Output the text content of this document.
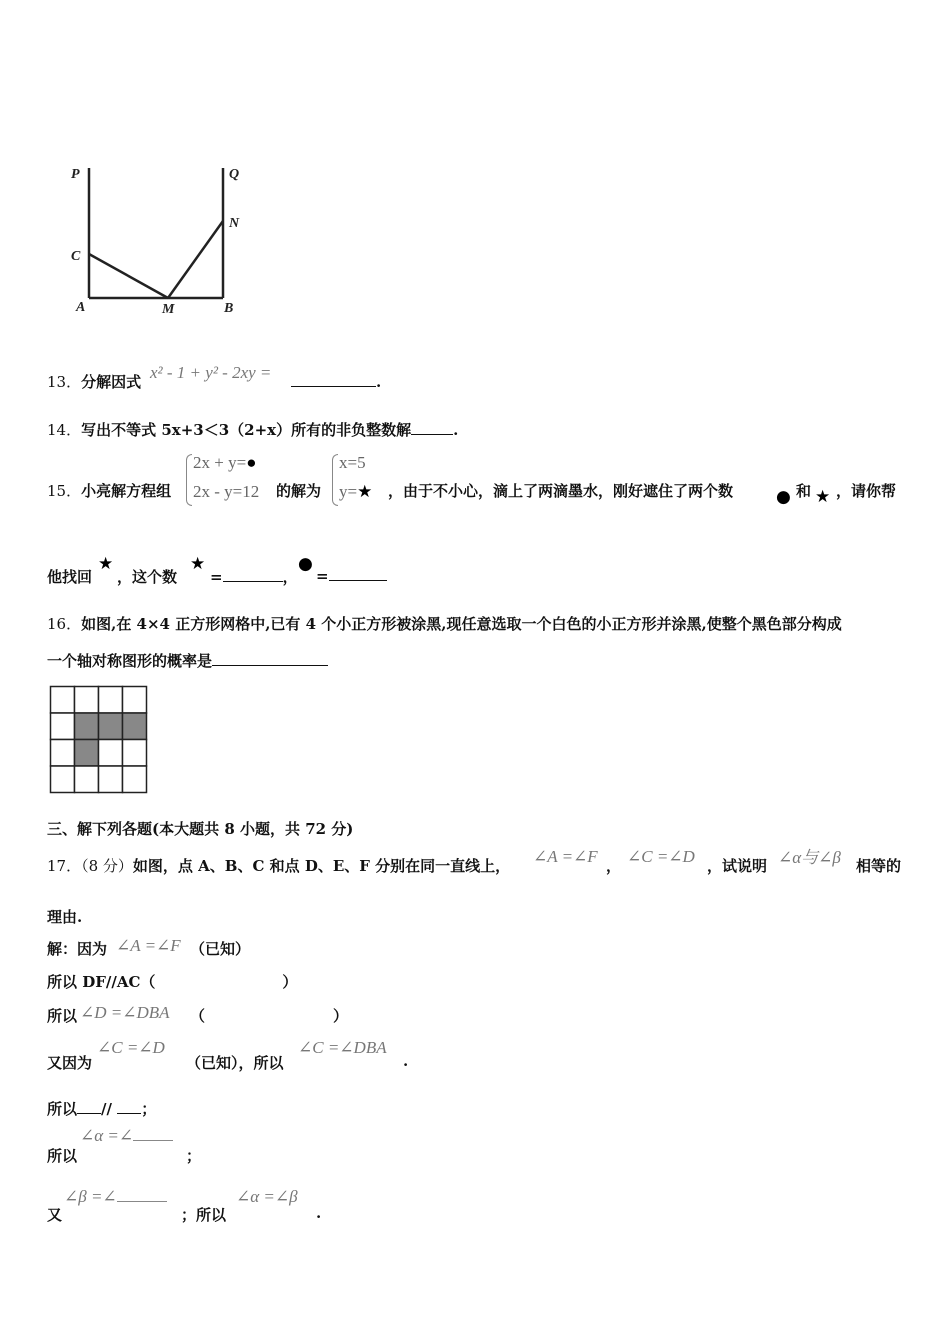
P	Q
N
C
A	M	B
13．分解因式 x² - 1 + y² - 2xy =	.
14．写出不等式 5x+3＜3（2+x）所有的非负整数解	.
15．小亮解方程组
2x + y=●
2x - y=12 的解为
x=5
y=★ ，由于不小心，滴上了两滴墨水，刚好遮住了两个数	● 和 ★ ，请你帮
他找回
★
，这个数
★
=	，
●
=
16．如图,在 4×4 正方形网格中,已有 4 个小正方形被涂黑,现任意选取一个白色的小正方形并涂黑,使整个黑色部分构成
一个轴对称图形的概率是
三、解下列各题(本大题共 8 小题，共 72 分)
17．（8 分）如图，点 A、B、C 和点 D、E、F 分别在同一直线上， ∠A =∠F ， ∠C =∠D ，试说明 ∠α与∠β 相等的
理由.
解：因为 ∠A =∠F （已知）
所以 DF//AC（	）
所以 ∠D =∠DBA （	）
又因为
∠C =∠D
（已知），所以
∠C =∠DBA
.
所以 // ；
所以
∠α =∠
；
又
∠β =∠
；所以
∠α =∠β
.
